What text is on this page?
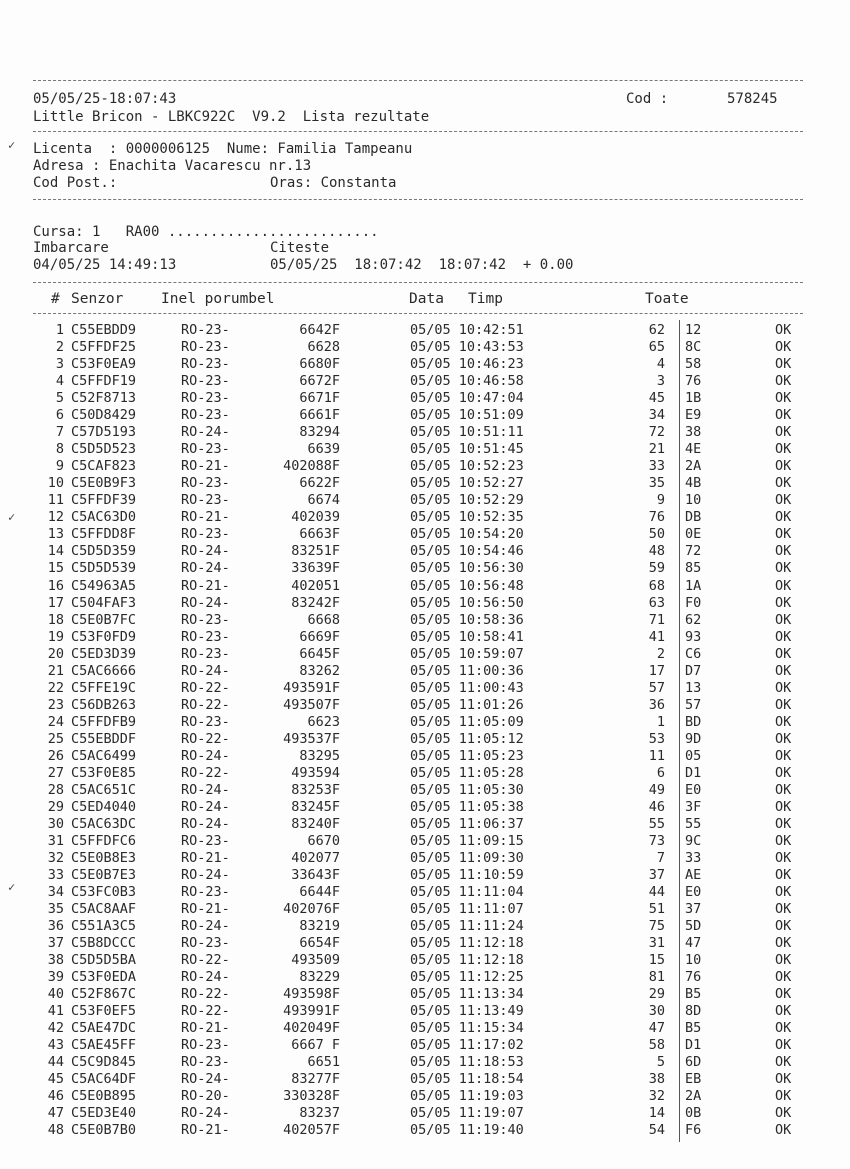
05/05/25-18:07:43	Cod :	578245
Little Bricon - LBKC922C  V9.2  Lista rezultate
✓ Licenta  : 0000006125  Nume: Familia Tampeanu
Adresa : Enachita Vacarescu nr.13
Cod Post.:	Oras: Constanta
Cursa: 1   RA00 .........................
Imbarcare	Citeste
04/05/25 14:49:13	05/05/25  18:07:42  18:07:42  + 0.00
# Senzor	Inel porumbel	Data Timp	Toate
✓
✓
1 C55EBDD9	RO-23-	6642F	05/05 10:42:51	62 12	OK
2 C5FFDF25	RO-23-	6628	05/05 10:43:53	65 8C	OK
3 C53F0EA9	RO-23-	6680F	05/05 10:46:23	4 58	OK
4 C5FFDF19	RO-23-	6672F	05/05 10:46:58	3 76	OK
5 C52F8713	RO-23-	6671F	05/05 10:47:04	45 1B	OK
6 C50D8429	RO-23-	6661F	05/05 10:51:09	34 E9	OK
7 C57D5193	RO-24-	83294	05/05 10:51:11	72 38	OK
8 C5D5D523	RO-23-	6639	05/05 10:51:45	21 4E	OK
9 C5CAF823	RO-21-	402088F	05/05 10:52:23	33 2A	OK
10 C5E0B9F3	RO-23-	6622F	05/05 10:52:27	35 4B	OK
11 C5FFDF39	RO-23-	6674	05/05 10:52:29	9 10	OK
12 C5AC63D0	RO-21-	402039	05/05 10:52:35	76 DB	OK
13 C5FFDD8F	RO-23-	6663F	05/05 10:54:20	50 0E	OK
14 C5D5D359	RO-24-	83251F	05/05 10:54:46	48 72	OK
15 C5D5D539	RO-24-	33639F	05/05 10:56:30	59 85	OK
16 C54963A5	RO-21-	402051	05/05 10:56:48	68 1A	OK
17 C504FAF3	RO-24-	83242F	05/05 10:56:50	63 F0	OK
18 C5E0B7FC	RO-23-	6668	05/05 10:58:36	71 62	OK
19 C53F0FD9	RO-23-	6669F	05/05 10:58:41	41 93	OK
20 C5ED3D39	RO-23-	6645F	05/05 10:59:07	2 C6	OK
21 C5AC6666	RO-24-	83262	05/05 11:00:36	17 D7	OK
22 C5FFE19C	RO-22-	493591F	05/05 11:00:43	57 13	OK
23 C56DB263	RO-22-	493507F	05/05 11:01:26	36 57	OK
24 C5FFDFB9	RO-23-	6623	05/05 11:05:09	1 BD	OK
25 C55EBDDF	RO-22-	493537F	05/05 11:05:12	53 9D	OK
26 C5AC6499	RO-24-	83295	05/05 11:05:23	11 05	OK
27 C53F0E85	RO-22-	493594	05/05 11:05:28	6 D1	OK
28 C5AC651C	RO-24-	83253F	05/05 11:05:30	49 E0	OK
29 C5ED4040	RO-24-	83245F	05/05 11:05:38	46 3F	OK
30 C5AC63DC	RO-24-	83240F	05/05 11:06:37	55 55	OK
31 C5FFDFC6	RO-23-	6670	05/05 11:09:15	73 9C	OK
32 C5E0B8E3	RO-21-	402077	05/05 11:09:30	7 33	OK
33 C5E0B7E3	RO-24-	33643F	05/05 11:10:59	37 AE	OK
34 C53FC0B3	RO-23-	6644F	05/05 11:11:04	44 E0	OK
35 C5AC8AAF	RO-21-	402076F	05/05 11:11:07	51 37	OK
36 C551A3C5	RO-24-	83219	05/05 11:11:24	75 5D	OK
37 C5B8DCCC	RO-23-	6654F	05/05 11:12:18	31 47	OK
38 C5D5D5BA	RO-22-	493509	05/05 11:12:18	15 10	OK
39 C53F0EDA	RO-24-	83229	05/05 11:12:25	81 76	OK
40 C52F867C	RO-22-	493598F	05/05 11:13:34	29 B5	OK
41 C53F0EF5	RO-22-	493991F	05/05 11:13:49	30 8D	OK
42 C5AE47DC	RO-21-	402049F	05/05 11:15:34	47 B5	OK
43 C5AE45FF	RO-23-	6667 F	05/05 11:17:02	58 D1	OK
44 C5C9D845	RO-23-	6651	05/05 11:18:53	5 6D	OK
45 C5AC64DF	RO-24-	83277F	05/05 11:18:54	38 EB	OK
46 C5E0B895	RO-20-	330328F	05/05 11:19:03	32 2A	OK
47 C5ED3E40	RO-24-	83237	05/05 11:19:07	14 0B	OK
48 C5E0B7B0	RO-21-	402057F	05/05 11:19:40	54 F6	OK
